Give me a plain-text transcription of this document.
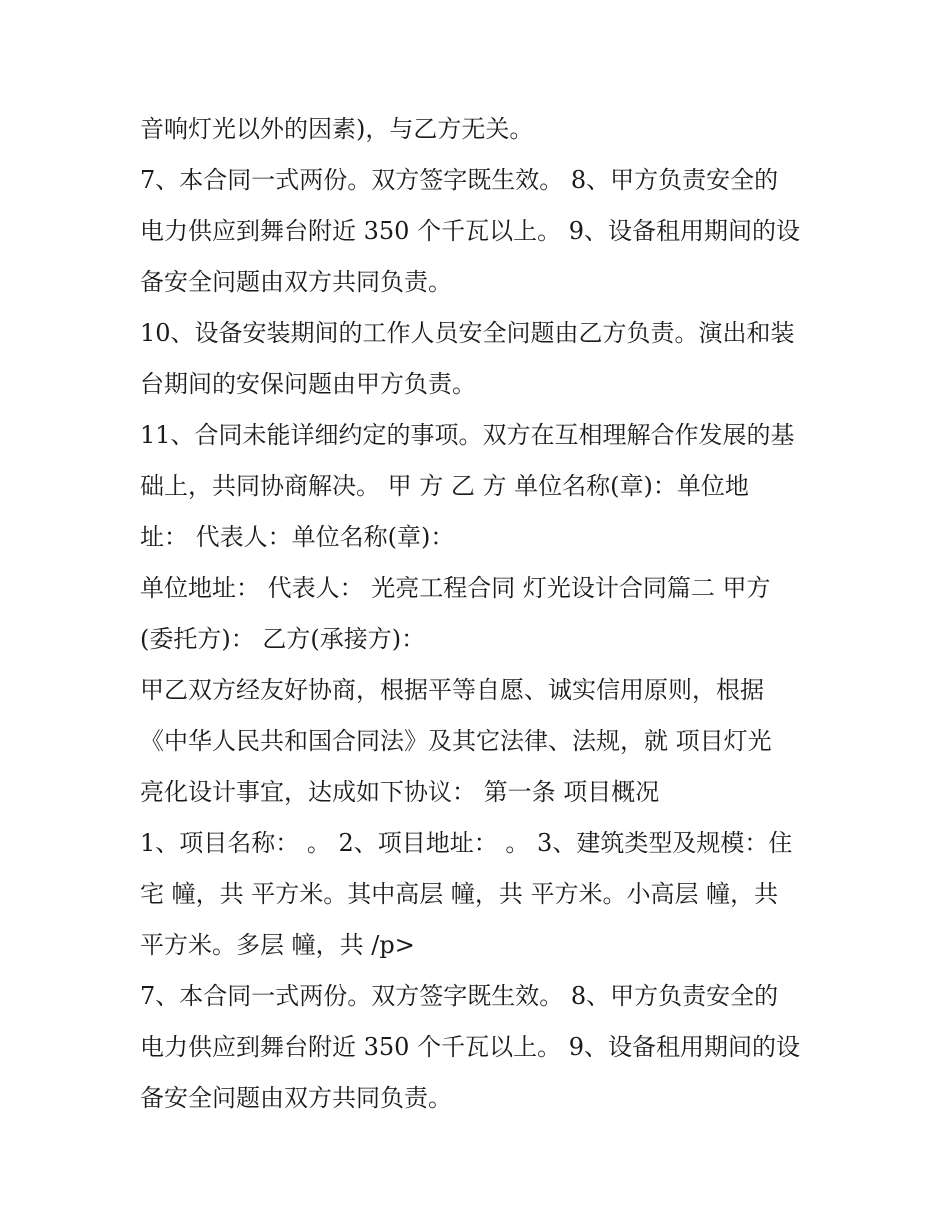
音响灯光以外的因素)，与乙方无关。

7、本合同一式两份。双方签字既生效。 8、甲方负责安全的

电力供应到舞台附近 350 个千瓦以上。 9、设备租用期间的设

备安全问题由双方共同负责。

10、设备安装期间的工作人员安全问题由乙方负责。演出和装

台期间的安保问题由甲方负责。

11、合同未能详细约定的事项。双方在互相理解合作发展的基

础上，共同协商解决。 甲 方 乙 方 单位名称(章)：单位地

址： 代表人：单位名称(章)：

单位地址： 代表人： 光亮工程合同 灯光设计合同篇二 甲方

(委托方)： 乙方(承接方)：

甲乙双方经友好协商，根据平等自愿、诚实信用原则，根据

《中华人民共和国合同法》及其它法律、法规，就 项目灯光

亮化设计事宜，达成如下协议： 第一条 项目概况

1、项目名称： 。 2、项目地址： 。 3、建筑类型及规模：住

宅 幢，共 平方米。其中高层 幢，共 平方米。小高层 幢，共

平方米。多层 幢，共 /p>

7、本合同一式两份。双方签字既生效。 8、甲方负责安全的

电力供应到舞台附近 350 个千瓦以上。 9、设备租用期间的设

备安全问题由双方共同负责。
